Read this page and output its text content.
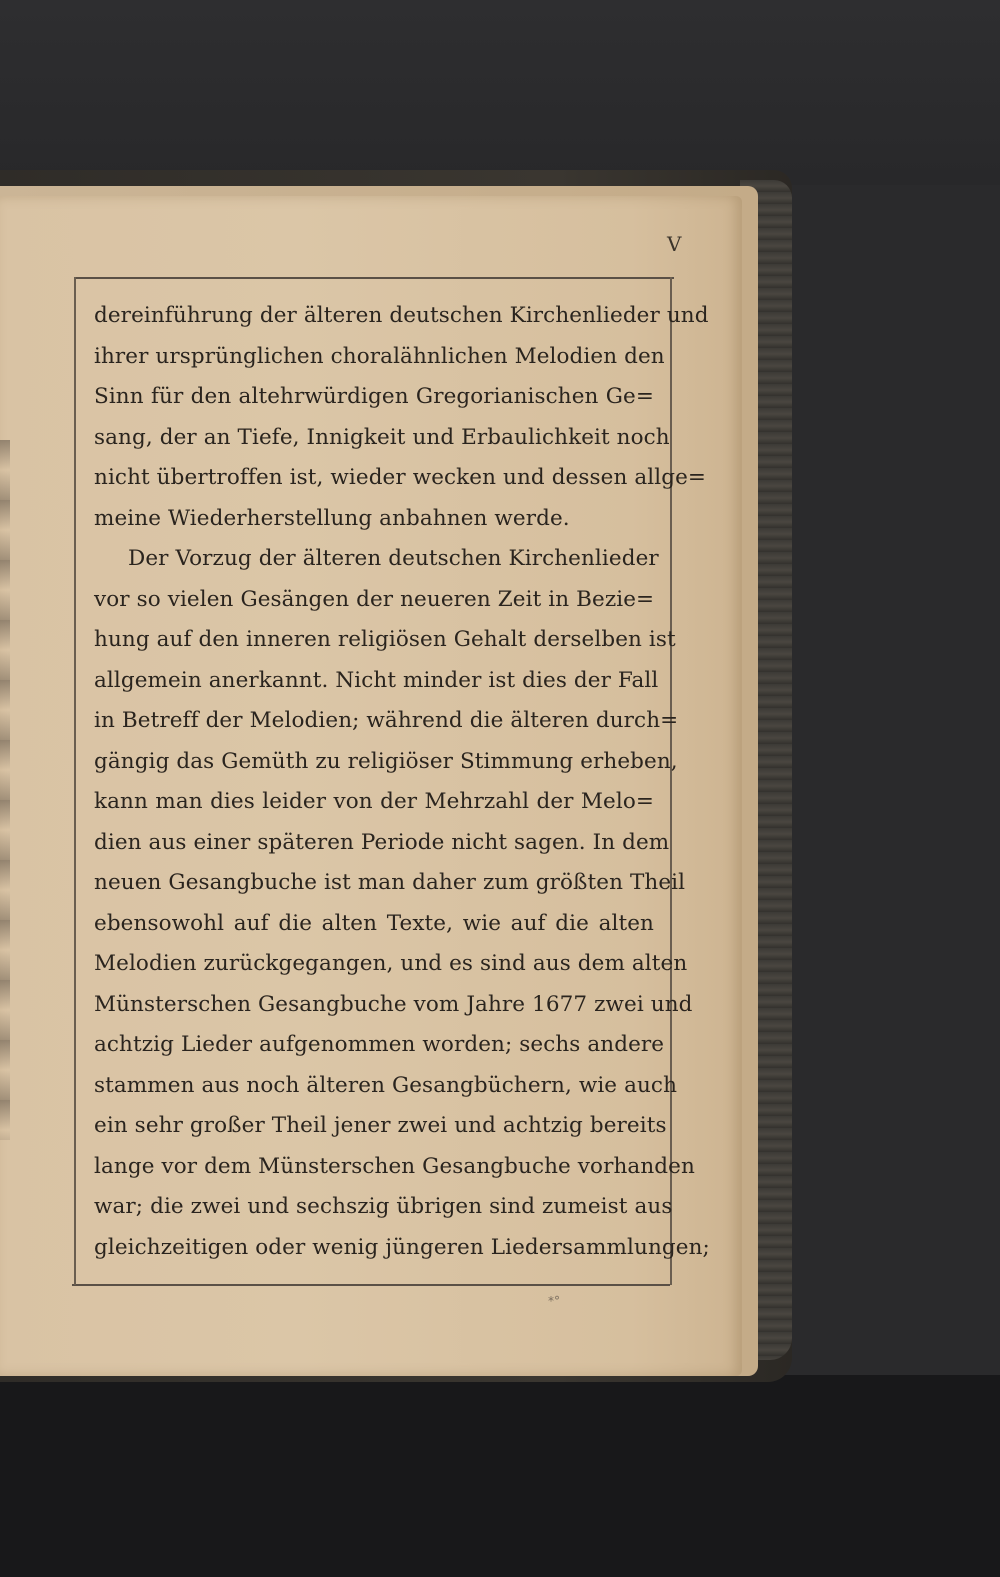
V
dereinführung der älteren deutschen Kirchenlieder und
ihrer ursprünglichen choralähnlichen Melodien den
Sinn für den altehrwürdigen Gregorianischen Ge=
sang, der an Tiefe, Innigkeit und Erbaulichkeit noch
nicht übertroffen ist, wieder wecken und dessen allge=
meine Wiederherstellung anbahnen werde.
Der Vorzug der älteren deutschen Kirchenlieder
vor so vielen Gesängen der neueren Zeit in Bezie=
hung auf den inneren religiösen Gehalt derselben ist
allgemein anerkannt. Nicht minder ist dies der Fall
in Betreff der Melodien; während die älteren durch=
gängig das Gemüth zu religiöser Stimmung erheben,
kann man dies leider von der Mehrzahl der Melo=
dien aus einer späteren Periode nicht sagen. In dem
neuen Gesangbuche ist man daher zum größten Theil
ebensowohl auf die alten Texte, wie auf die alten
Melodien zurückgegangen, und es sind aus dem alten
Münsterschen Gesangbuche vom Jahre 1677 zwei und
achtzig Lieder aufgenommen worden; sechs andere
stammen aus noch älteren Gesangbüchern, wie auch
ein sehr großer Theil jener zwei und achtzig bereits
lange vor dem Münsterschen Gesangbuche vorhanden
war; die zwei und sechszig übrigen sind zumeist aus
gleichzeitigen oder wenig jüngeren Liedersammlungen;
*°
